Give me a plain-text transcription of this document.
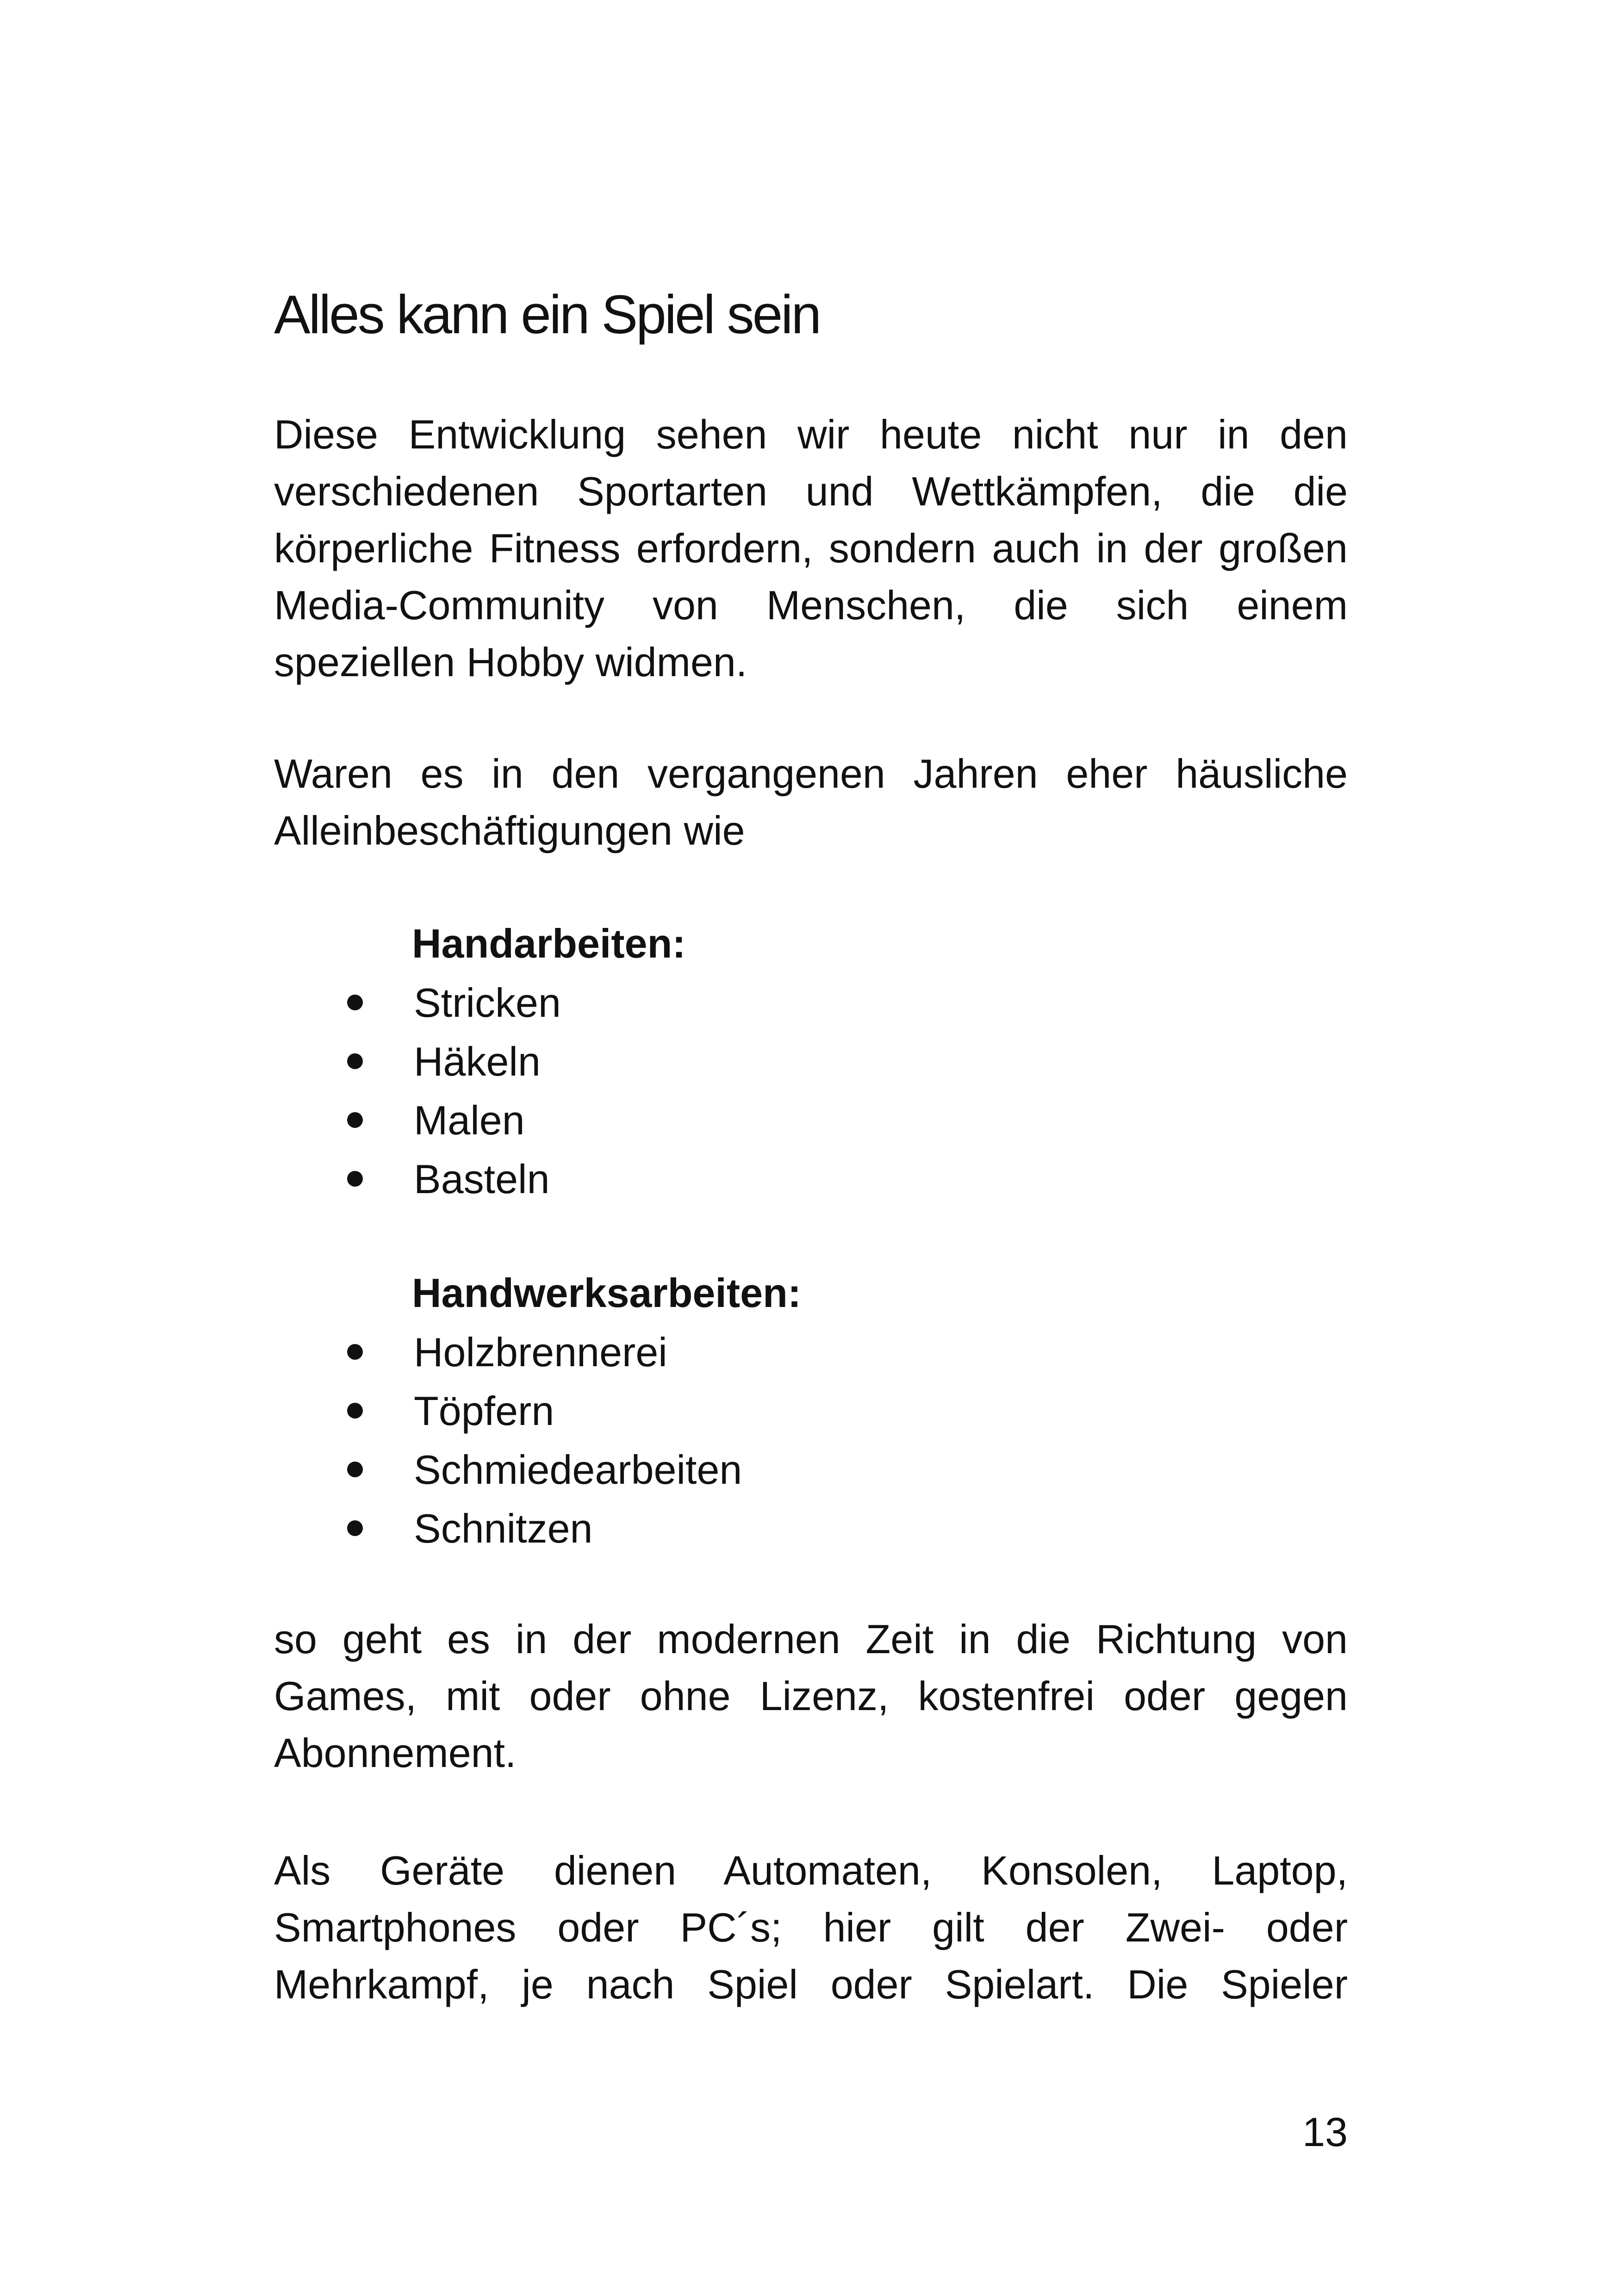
Alles kann ein Spiel sein

Diese Entwicklung sehen wir heute nicht nur in den verschiedenen Sportarten und Wettkämpfen, die die körperliche Fitness erfordern, sondern auch in der großen Media-Community von Menschen, die sich einem speziellen Hobby widmen.

Waren es in den vergangenen Jahren eher häusliche Alleinbeschäftigungen wie

Handarbeiten:

Stricken
Häkeln
Malen
Basteln

Handwerksarbeiten:

Holzbrennerei
Töpfern
Schmiedearbeiten
Schnitzen

so geht es in der modernen Zeit in die Richtung von Games, mit oder ohne Lizenz, kostenfrei oder gegen Abonnement.

Als Geräte dienen Automaten, Konsolen, Laptop, Smartphones oder PC´s; hier gilt der Zwei- oder Mehrkampf, je nach Spiel oder Spielart. Die Spieler

13
